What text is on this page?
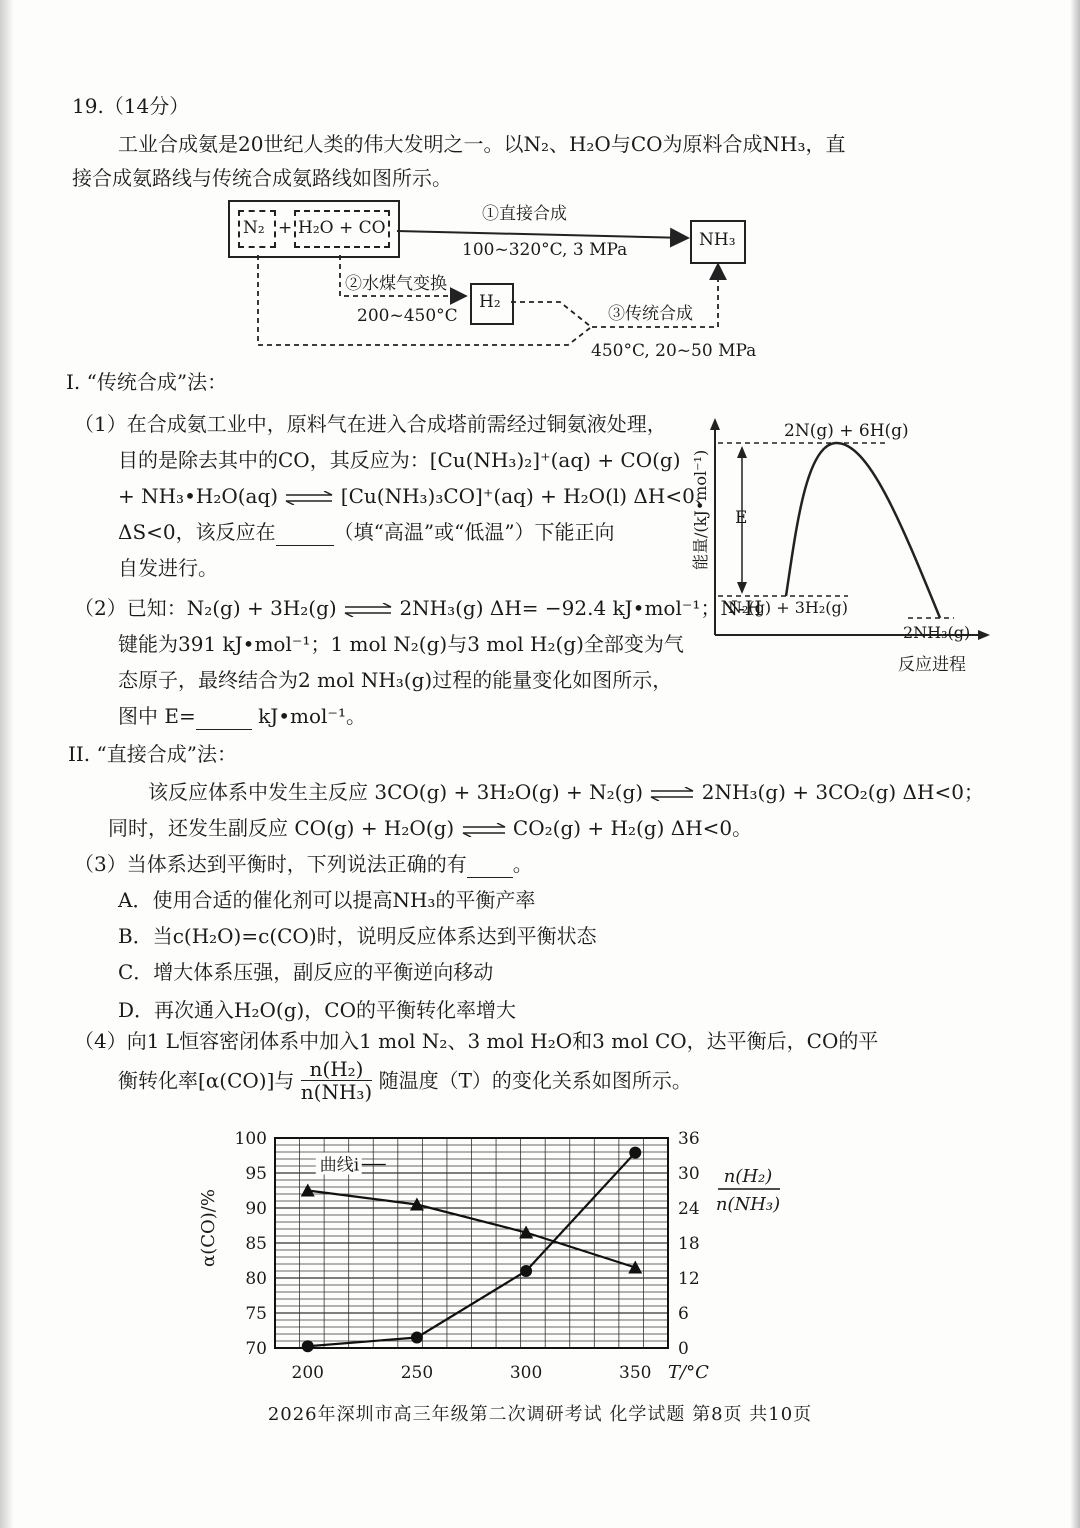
19.（14分）
工业合成氨是20世纪人类的伟大发明之一。以N₂、H₂O与CO为原料合成NH₃，直
接合成氨路线与传统合成氨路线如图所示。
N₂ + H₂O + CO
NH₃
H₂
①直接合成
100~320°C, 3 MPa
②水煤气变换
200~450°C	③传统合成
450°C, 20~50 MPa
I. “传统合成”法：
（1）在合成氨工业中，原料气在进入合成塔前需经过铜氨液处理，
目的是除去其中的CO，其反应为：[Cu(NH₃)₂]⁺(aq) + CO(g)
+ NH₃•H₂O(aq) ⇌ [Cu(NH₃)₃CO]⁺(aq) + H₂O(l) ΔH<0、
ΔS<0，该反应在	（填“高温”或“低温”）下能正向
自发进行。
（2）已知：N₂(g) + 3H₂(g) ⇌ 2NH₃(g) ΔH= −92.4 kJ•mol⁻¹；N-H
键能为391 kJ•mol⁻¹；1 mol N₂(g)与3 mol H₂(g)全部变为气
态原子，最终结合为2 mol NH₃(g)过程的能量变化如图所示，
图中 E=	kJ•mol⁻¹。
2N(g) + 6H(g)
N₂(g) + 3H₂(g)
2NH₃(g)
E
反应进程
能量/(kJ•mol⁻¹)
II. “直接合成”法：
该反应体系中发生主反应 3CO(g) + 3H₂O(g) + N₂(g) ⇌ 2NH₃(g) + 3CO₂(g) ΔH<0；
同时，还发生副反应 CO(g) + H₂O(g) ⇌ CO₂(g) + H₂(g) ΔH<0。
（3）当体系达到平衡时，下列说法正确的有 。
A．使用合适的催化剂可以提高NH₃的平衡产率
B．当c(H₂O)=c(CO)时，说明反应体系达到平衡状态
C．增大体系压强，副反应的平衡逆向移动
D．再次通入H₂O(g)，CO的平衡转化率增大
（4）向1 L恒容密闭体系中加入1 mol N₂、3 mol H₂O和3 mol CO，达平衡后，CO的平
衡转化率[α(CO)]与 $\frac{\text{n(H₂)}}{\text{n(NH₃)}}$ 随温度（T）的变化关系如图所示。
70
75
80
85
90
95
100
0
6
12
18
24
30
36
200	250	300	350 T/°C
α(CO)/%
n(H₂)
n(NH₃)
曲线i
2026年深圳市高三年级第二次调研考试 化学试题 第8页 共10页
